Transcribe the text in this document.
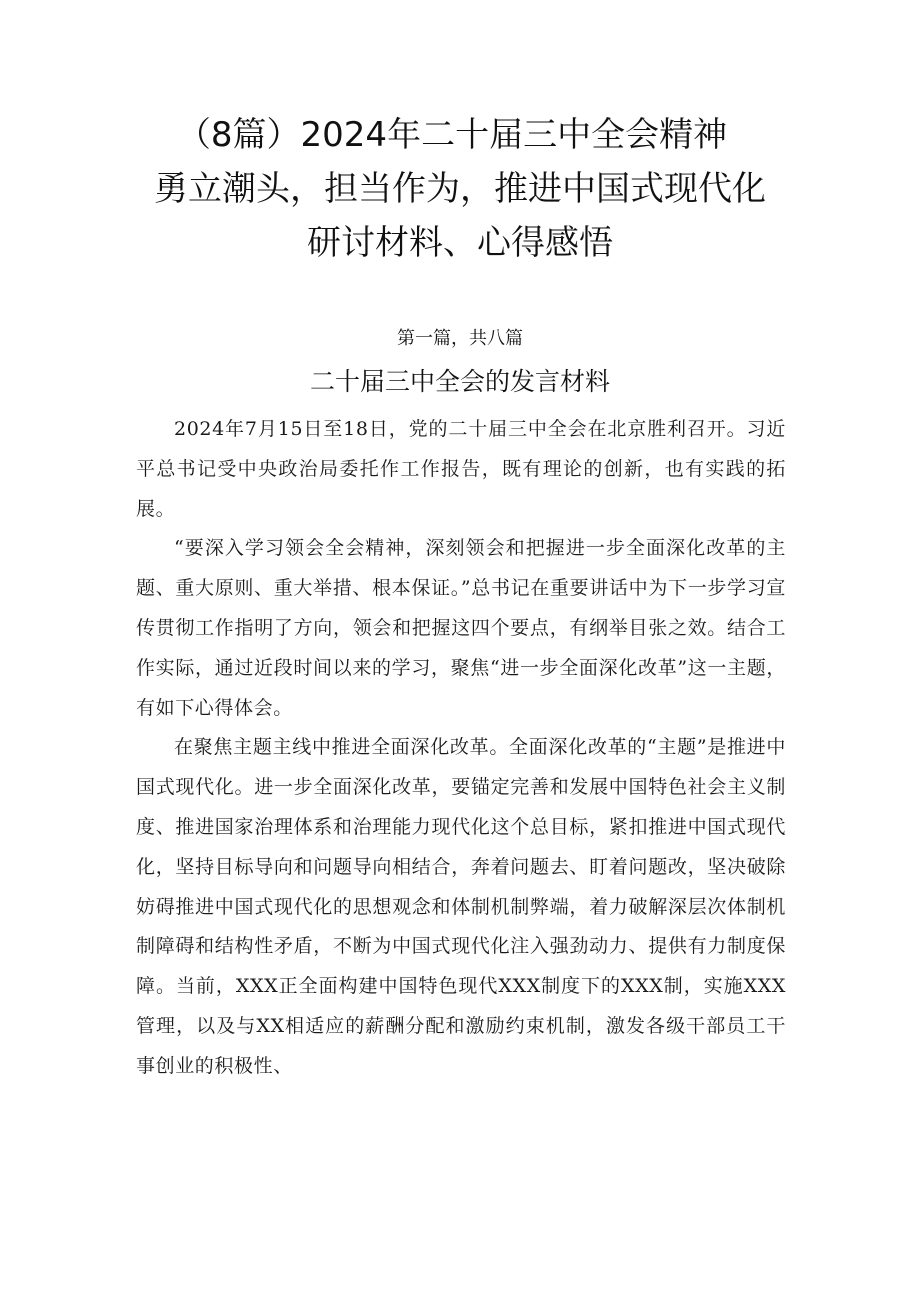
（8篇）2024年二十届三中全会精神
勇立潮头，担当作为，推进中国式现代化
研讨材料、心得感悟
第一篇，共八篇
二十届三中全会的发言材料

2024年7月15日至18日，党的二十届三中全会在北京胜利召开。习近平总书记受中央政治局委托作工作报告，既有理论的创新，也有实践的拓展。

“要深入学习领会全会精神，深刻领会和把握进一步全面深化改革的主题、重大原则、重大举措、根本保证。”总书记在重要讲话中为下一步学习宣传贯彻工作指明了方向，领会和把握这四个要点，有纲举目张之效。结合工作实际，通过近段时间以来的学习，聚焦“进一步全面深化改革”这一主题，有如下心得体会。

在聚焦主题主线中推进全面深化改革。全面深化改革的“主题”是推进中国式现代化。进一步全面深化改革，要锚定完善和发展中国特色社会主义制度、推进国家治理体系和治理能力现代化这个总目标，紧扣推进中国式现代化，坚持目标导向和问题导向相结合，奔着问题去、盯着问题改，坚决破除妨碍推进中国式现代化的思想观念和体制机制弊端，着力破解深层次体制机制障碍和结构性矛盾，不断为中国式现代化注入强劲动力、提供有力制度保障。当前，XXX正全面构建中国特色现代XXX制度下的XXX制，实施XXX管理，以及与XX相适应的薪酬分配和激励约束机制，激发各级干部员工干事创业的积极性、
